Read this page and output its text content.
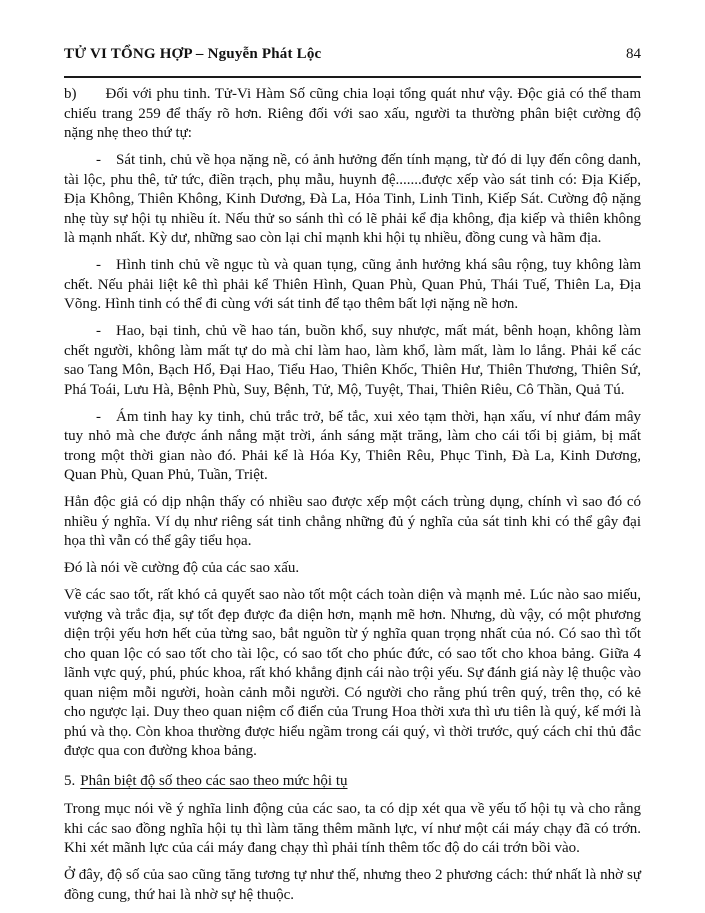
TỬ VI TỔNG HỢP – Nguyễn Phát Lộc	84

b) Đối với phu tinh. Tử-Vi Hàm Số cũng chia loại tổng quát như vậy. Độc giả có thể tham chiếu trang 259 để thấy rõ hơn. Riêng đối với sao xấu, người ta thường phân biệt cường độ nặng nhẹ theo thứ tự:

- Sát tinh, chủ về họa nặng nề, có ảnh hưởng đến tính mạng, từ đó di lụy đến công danh, tài lộc, phu thê, tử tức, điền trạch, phụ mẫu, huynh đệ.......được xếp vào sát tinh có: Địa Kiếp, Địa Không, Thiên Không, Kinh Dương, Đà La, Hỏa Tinh, Linh Tinh, Kiếp Sát. Cường độ nặng nhẹ tùy sự hội tụ nhiều ít. Nếu thử so sánh thì có lẽ phải kể địa không, địa kiếp và thiên không là mạnh nhất. Kỳ dư, những sao còn lại chỉ mạnh khi hội tụ nhiều, đồng cung và hãm địa.

- Hình tinh chủ về ngục tù và quan tụng, cũng ảnh hưởng khá sâu rộng, tuy không làm chết. Nếu phải liệt kê thì phải kể Thiên Hình, Quan Phù, Quan Phủ, Thái Tuế, Thiên La, Địa Võng. Hình tinh có thể đi cùng với sát tinh để tạo thêm bất lợi nặng nề hơn.

- Hao, bại tinh, chủ về hao tán, buồn khổ, suy nhược, mất mát, bênh hoạn, không làm chết người, không làm mất tự do mà chỉ làm hao, làm khổ, làm mất, làm lo lắng. Phải kể các sao Tang Môn, Bạch Hổ, Đại Hao, Tiểu Hao, Thiên Khốc, Thiên Hư, Thiên Thương, Thiên Sứ, Phá Toái, Lưu Hà, Bệnh Phù, Suy, Bệnh, Tử, Mộ, Tuyệt, Thai, Thiên Riêu, Cô Thần, Quả Tú.

- Ám tinh hay ky tinh, chủ trắc trở, bế tắc, xui xẻo tạm thời, hạn xấu, ví như đám mây tuy nhỏ mà che được ánh nắng mặt trời, ánh sáng mặt trăng, làm cho cái tối bị giảm, bị mất trong một thời gian nào đó. Phải kể là Hóa Ky, Thiên Rêu, Phục Tinh, Đà La, Kinh Dương, Quan Phù, Quan Phủ, Tuần, Triệt.

Hẳn độc giả có dịp nhận thấy có nhiều sao được xếp một cách trùng dụng, chính vì sao đó có nhiều ý nghĩa. Ví dụ như riêng sát tinh chẳng những đủ ý nghĩa của sát tinh khi có thể gây đại họa thì vẫn có thể gây tiểu họa.

Đó là nói về cường độ của các sao xấu.

Về các sao tốt, rất khó cả quyết sao nào tốt một cách toàn diện và mạnh mẻ. Lúc nào sao miếu, vượng và trắc địa, sự tốt đẹp được đa diện hơn, mạnh mẽ hơn. Nhưng, dù vậy, có một phương diện trội yếu hơn hết của từng sao, bắt nguồn từ ý nghĩa quan trọng nhất của nó. Có sao thì tốt cho quan lộc có sao tốt cho tài lộc, có sao tốt cho phúc đức, có sao tốt cho khoa bảng. Giữa 4 lãnh vực quý, phú, phúc khoa, rất khó khẳng định cái nào trội yếu. Sự đánh giá này lệ thuộc vào quan niệm mỗi người, hoàn cảnh mỗi người. Có người cho rằng phú trên quý, trên thọ, có kẻ cho ngược lại. Duy theo quan niệm cổ điển của Trung Hoa thời xưa thì ưu tiên là quý, kế mới là phú và thọ. Còn khoa thường được hiểu ngầm trong cái quý, vì thời trước, quý cách chỉ thủ đắc được qua con đường khoa bảng.

5. Phân biệt độ số theo các sao theo mức hội tụ

Trong mục nói về ý nghĩa linh động của các sao, ta có dịp xét qua về yếu tố hội tụ và cho rằng khi các sao đồng nghĩa hội tụ thì làm tăng thêm mãnh lực, ví như một cái máy chạy đã có trớn. Khi xét mãnh lực của cái máy đang chạy thì phải tính thêm tốc độ do cái trớn bồi vào.

Ở đây, độ số của sao cũng tăng tương tự như thế, nhưng theo 2 phương cách: thứ nhất là nhờ sự đồng cung, thứ hai là nhờ sự hệ thuộc.
